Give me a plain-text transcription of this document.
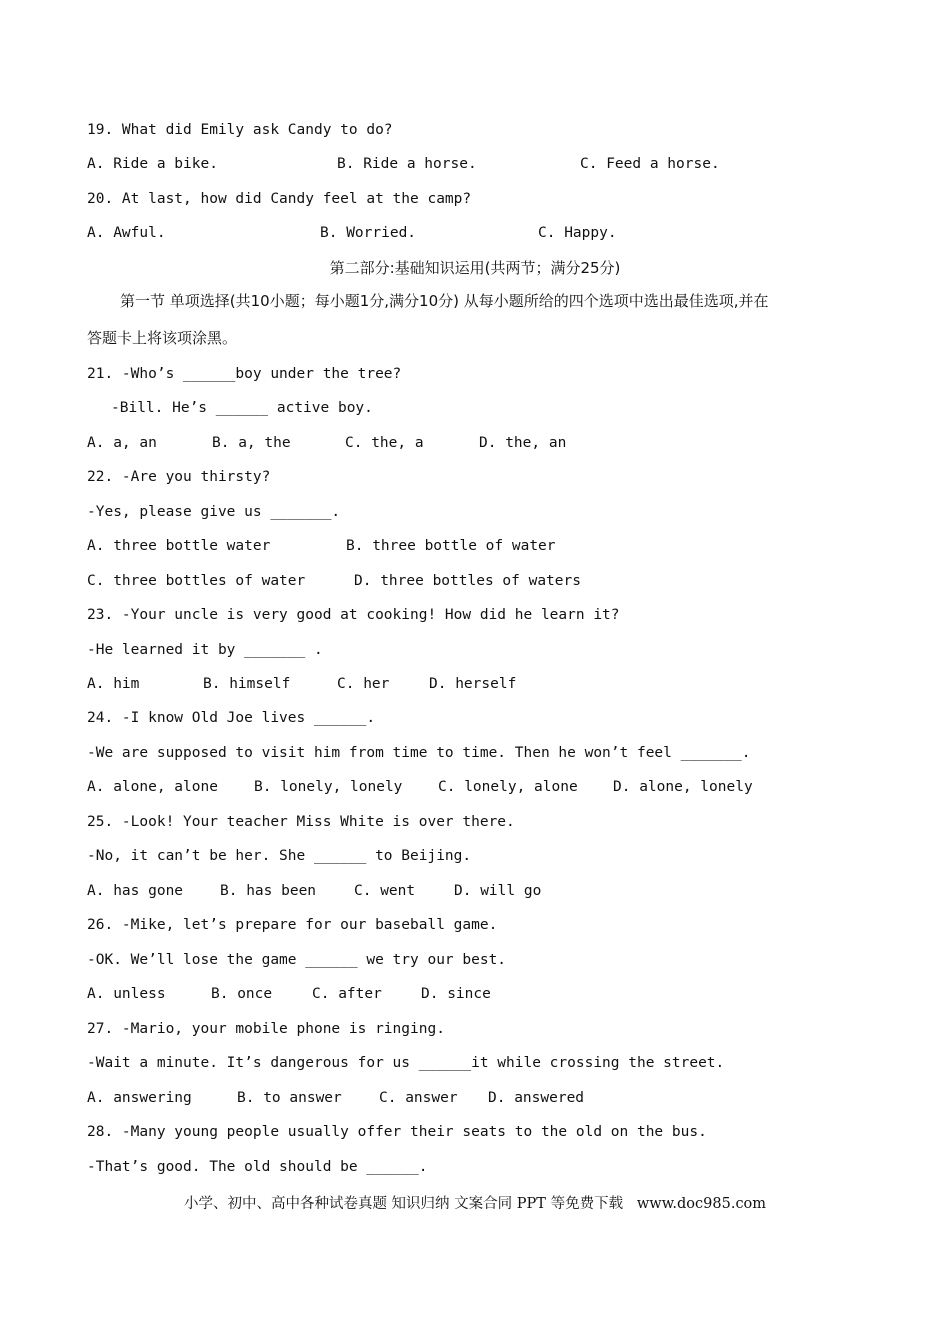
19. What did Emily ask Candy to do?
A. Ride a bike.	B. Ride a horse.	C. Feed a horse.
20. At last, how did Candy feel at the camp?
A. Awful.	B. Worried.	C. Happy.
第二部分:基础知识运用(共两节；满分25分)
第一节 单项选择(共10小题；每小题1分,满分10分) 从每小题所给的四个选项中选出最佳选项,并在
答题卡上将该项涂黑。
21. -Who’s ______boy under the tree?
-Bill. He’s ______ active boy.
A. a, an	B. a, the	C. the, a	D. the, an
22. -Are you thirsty?
-Yes, please give us _______.
A. three bottle water	B. three bottle of water
C. three bottles of water	D. three bottles of waters
23. -Your uncle is very good at cooking! How did he learn it?
-He learned it by _______ .
A. him	B. himself	C. her	D. herself
24. -I know Old Joe lives ______.
-We are supposed to visit him from time to time. Then he won’t feel _______.
A. alone, alone B. lonely, lonely C. lonely, alone D. alone, lonely
25. -Look! Your teacher Miss White is over there.
-No, it can’t be her. She ______ to Beijing.
A. has gone	B. has been	C. went	D. will go
26. -Mike, let’s prepare for our baseball game.
-OK. We’ll lose the game ______ we try our best.
A. unless	B. once	C. after	D. since
27. -Mario, your mobile phone is ringing.
-Wait a minute. It’s dangerous for us ______it while crossing the street.
A. answering	B. to answer	C. answer D. answered
28. -Many young people usually offer their seats to the old on the bus.
-That’s good. The old should be ______.
小学、初中、高中各种试卷真题 知识归纳 文案合同 PPT 等免费下载   www.doc985.com
